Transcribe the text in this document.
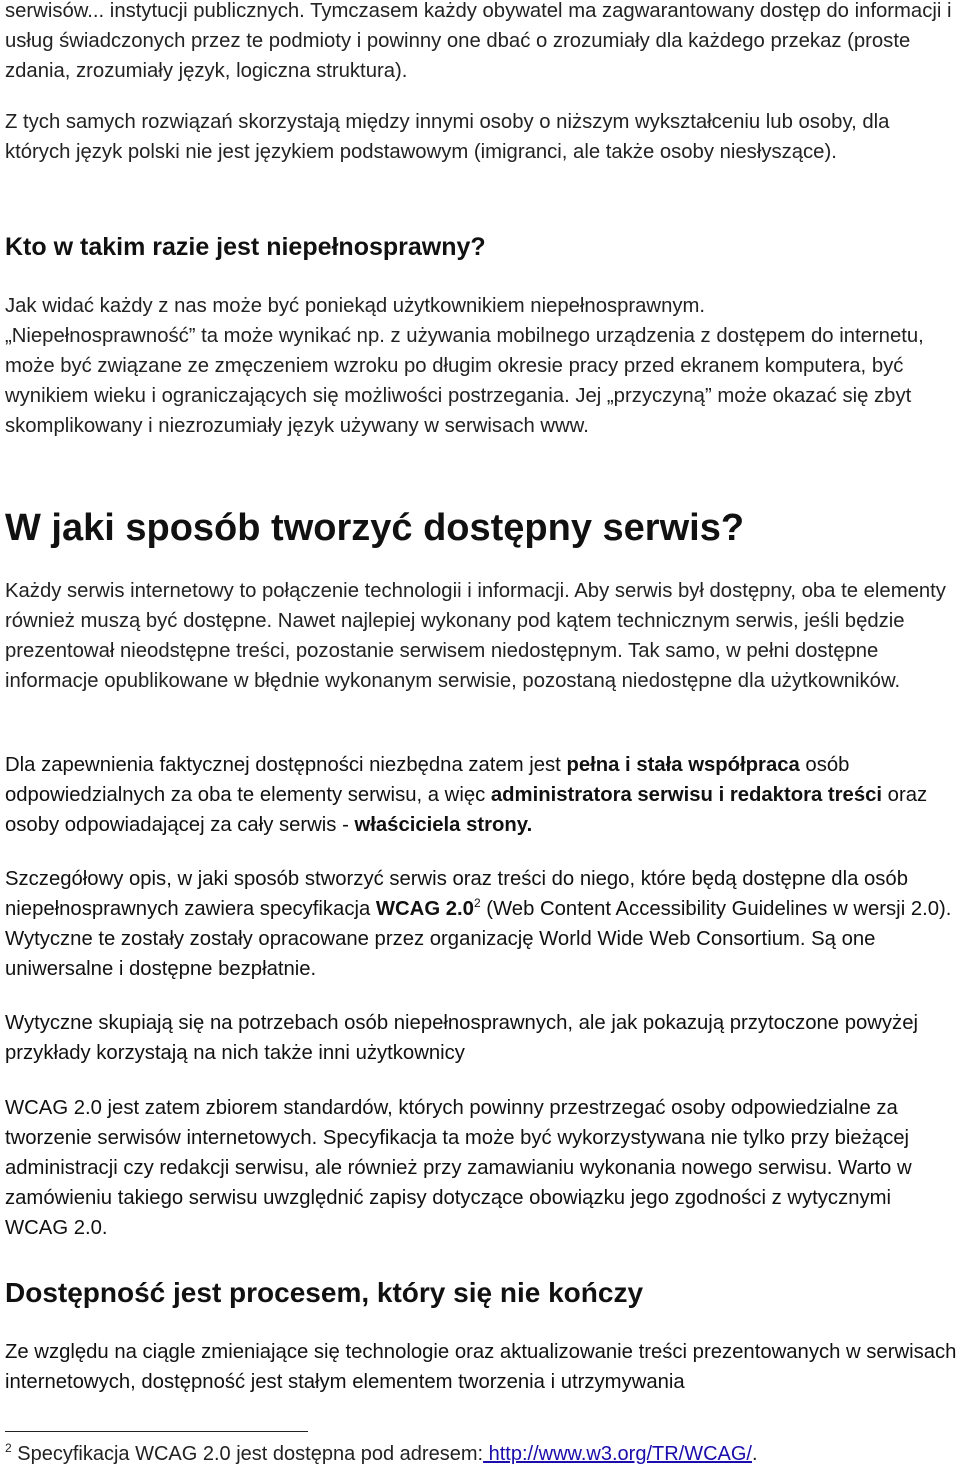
serwisów... instytucji publicznych. Tymczasem każdy obywatel ma zagwarantowany dostęp do informacji i usług świadczonych przez te podmioty i powinny one dbać o zrozumiały dla każdego przekaz (proste zdania, zrozumiały język, logiczna struktura).

Z tych samych rozwiązań skorzystają między innymi osoby o niższym wykształceniu lub osoby, dla których język polski nie jest językiem podstawowym (imigranci, ale także osoby niesłyszące).

Kto w takim razie jest niepełnosprawny?

Jak widać każdy z nas może być poniekąd użytkownikiem niepełnosprawnym.

„Niepełnosprawność” ta może wynikać np. z używania mobilnego urządzenia z dostępem do internetu, może być związane ze zmęczeniem wzroku po długim okresie pracy przed ekranem komputera, być wynikiem wieku i ograniczających się możliwości postrzegania. Jej „przyczyną” może okazać się zbyt skomplikowany i niezrozumiały język używany w serwisach www.

W jaki sposób tworzyć dostępny serwis?

Każdy serwis internetowy to połączenie technologii i informacji. Aby serwis był dostępny, oba te elementy również muszą być dostępne. Nawet najlepiej wykonany pod kątem technicznym serwis, jeśli będzie prezentował nieodstępne treści, pozostanie serwisem niedostępnym. Tak samo, w pełni dostępne informacje opublikowane w błędnie wykonanym serwisie, pozostaną niedostępne dla użytkowników.

Dla zapewnienia faktycznej dostępności niezbędna zatem jest pełna i stała współpraca osób odpowiedzialnych za oba te elementy serwisu, a więc administratora serwisu i redaktora treści oraz osoby odpowiadającej za cały serwis - właściciela strony.

Szczegółowy opis, w jaki sposób stworzyć serwis oraz treści do niego, które będą dostępne dla osób niepełnosprawnych zawiera specyfikacja WCAG $2.0^2$ (Web Content Accessibility Guidelines w wersji 2.0). Wytyczne te zostały zostały opracowane przez organizację World Wide Web Consortium. Są one uniwersalne i dostępne bezpłatnie.

Wytyczne skupiają się na potrzebach osób niepełnosprawnych, ale jak pokazują przytoczone powyżej przykłady korzystają na nich także inni użytkownicy

WCAG 2.0 jest zatem zbiorem standardów, których powinny przestrzegać osoby odpowiedzialne za tworzenie serwisów internetowych. Specyfikacja ta może być wykorzystywana nie tylko przy bieżącej administracji czy redakcji serwisu, ale również przy zamawianiu wykonania nowego serwisu. Warto w zamówieniu takiego serwisu uwzględnić zapisy dotyczące obowiązku jego zgodności z wytycznymi WCAG 2.0.

Dostępność jest procesem, który się nie kończy

Ze względu na ciągle zmieniające się technologie oraz aktualizowanie treści prezentowanych w serwisach internetowych, dostępność jest stałym elementem tworzenia i utrzymywania

$^2$ Specyfikacja WCAG 2.0 jest dostępna pod adresem: http://www.w3.org/TR/WCAG/.
